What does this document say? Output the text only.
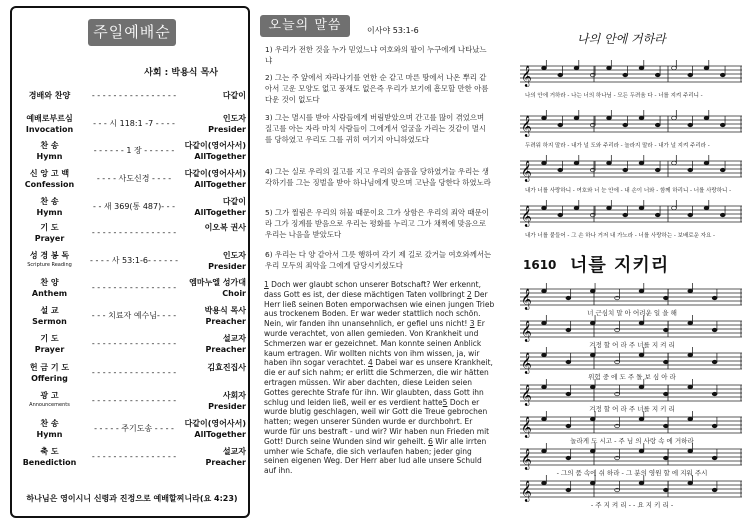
주일예배순
사회 : 박용식 목사
경배와 찬양	- - - - - - - - - - - - - - - -	다같이
예배로부르심
Invocation
- - - 시 118:1 -7 - - - -
인도자
Presider
찬 송
Hymn
- - - - - - 1 장 - - - - - -
다같이(영어사서)
AllTogether
신 앙 고 백
Confession
- - - - 사도신경 - - - -
다같이(영어사서)
AllTogether
찬 송
Hymn
- - 새 369(통 487)- - -
다같이
AllTogether
기 도
Prayer
- - - - - - - - - - - - - - - -
이오복 권사
성 경 봉 독
Scripture Reading	- - - - 사 53:1-6- - - - - -
인도자
Presider
찬 양
Anthem
- - - - - - - - - - - - - - - -
엠마누엘 성가대
Choir
설 교
Sermon
- - - 치료자 예수님- - - -
박용식 목사
Preacher
기 도
Prayer
- - - - - - - - - - - - - - - -
설교자
Preacher
헌 금 기 도
Offering
- - - - - - - - - - - - - - - -
김효진집사
광 고
Announcements	- - - - - - - - - - - - - - - -
사회자
Presider
찬 송
Hymn
- - - - - 주기도송 - - - -
다같이(영어사서)
AllTogether
축 도
Benediction
- - - - - - - - - - - - - - - -
설교자
Preacher
하나님은 영이시니 신령과 진정으로 예배할찌니라(요 4:23)
오늘의 말씀	이사야 53:1-6
1) 우리가 전한 것을 누가 믿었느냐 여호와의 팔이 누구에게 나타났느냐
2) 그는 주 앞에서 자라나기를 연한 순 같고 마른 땅에서 나온 뿌리 같아서 고운 모양도 없고 풍채도 없은즉 우리가 보기에 흠모할 만한 아름다운 것이 없도다
3) 그는 멸시를 받아 사람들에게 버림받았으며 간고를 많이 겪었으며 질고를 아는 자라 마치 사람들이 그에게서 얼굴을 가리는 것같이 멸시를 당하였고 우리도 그를 귀히 여기지 아니하였도다
4) 그는 실로 우리의 질고를 지고 우리의 슬픔을 당하였거늘 우리는 생각하기를 그는 징벌을 받아 하나님에게 맞으며 고난을 당한다 하였노라
5) 그가 찔림은 우리의 허물 때문이요 그가 상함은 우리의 죄악 때문이라 그가 징계를 받음으로 우리는 평화를 누리고 그가 채찍에 맞음으로 우리는 나음을 받았도다
6) 우리는 다 양 같아서 그릇 행하여 각기 제 길로 갔거늘 여호와께서는 우리 모두의 죄악을 그에게 담당시키셨도다
1 Doch wer glaubt schon unserer Botschaft? Wer erkennt, dass Gott es ist, der diese mächtigen Taten vollbringt 2 Der Herr ließ seinen Boten emporwachsen wie einen jungen Trieb aus trockenem Boden. Er war weder stattlich noch schön. Nein, wir fanden ihn unansehnlich, er gefiel uns nicht! 3 Er wurde verachtet, von allen gemieden. Von Krankheit und Schmerzen war er gezeichnet. Man konnte seinen Anblick kaum ertragen. Wir wollten nichts von ihm wissen, ja, wir haben ihn sogar verachtet. 4 Dabei war es unsere Krankheit, die er auf sich nahm; er erlitt die Schmerzen, die wir hätten ertragen müssen. Wir aber dachten, diese Leiden seien Gottes gerechte Strafe für ihn. Wir glaubten, dass Gott ihn schlug und leiden ließ, weil er es verdient hatte5 Doch er wurde blutig geschlagen, weil wir Gott die Treue gebrochen hatten; wegen unserer Sünden wurde er durchbohrt. Er wurde für uns bestraft - und wir? Wir haben nun Frieden mit Gott! Durch seine Wunden sind wir geheilt. 6 Wir alle irrten umher wie Schafe, die sich verlaufen haben; jeder ging seinen eigenen Weg. Der Herr aber lud alle unsere Schuld auf ihn.
나의 안에 거하라
𝄞
나의 안에 거하라 - 나는 너의 하나님 - 모든 두려움 다 - 너를 지켜 주리니 -
𝄞
두려워 하지 말라 - 내가 널 도와 주리라 - 놀라지 말라 - 내가 널 지켜 주리라 -
𝄞
내가 너를 사랑하니 - 여호와 너 눈 안에 - 내 손이 너와 - 함께 하리니 - 너를 사랑하니 -
𝄞
내가 너를 붙들어 - 그 손 하나 거저 내 가노라 - 너를 사랑하는 - 보배로운 자요 -
1610 너를 지키리
𝄞
너 근심치 말 아 어려운 일 을 해
𝄞
겨정 할 어 라 주 너를 지 켜 리
𝄞
위험 중 에 도 주 돌 보 심 아 라
𝄞
겨정 할 어 라 주 너를 지 키 리
𝄞
놀라게 도 시고 - 주 님 의 사랑 속 에 거하라
𝄞
- 그의 품 속에 쉬 하라 - 그 분의 영원 할 에 지워 주시
𝄞
- 주 지 켜 리 - - 요 지 키 리 -
